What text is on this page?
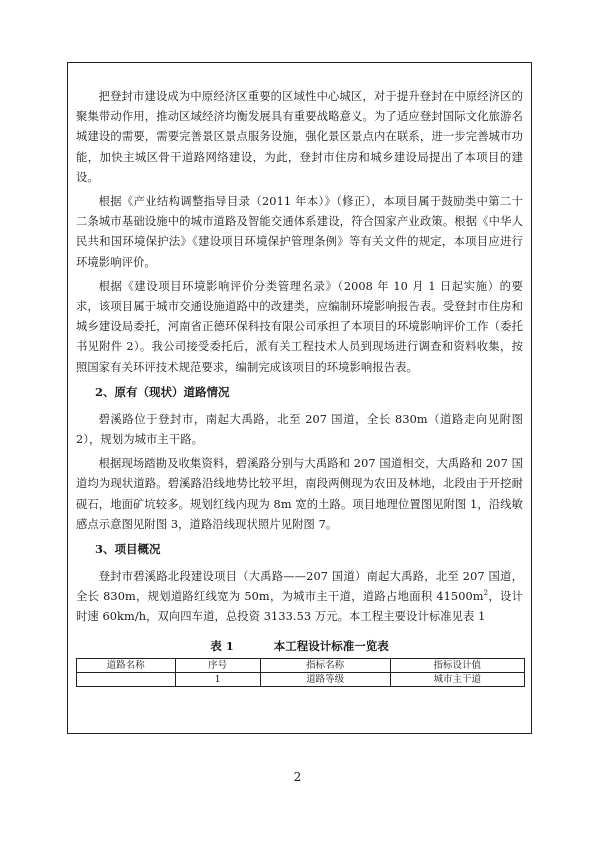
把登封市建设成为中原经济区重要的区域性中心城区，对于提升登封在中原经济区的聚集带动作用，推动区域经济均衡发展具有重要战略意义。为了适应登封国际文化旅游名城建设的需要，需要完善景区景点服务设施，强化景区景点内在联系，进一步完善城市功能，加快主城区骨干道路网络建设，为此，登封市住房和城乡建设局提出了本项目的建设。

根据《产业结构调整指导目录（2011 年本）》（修正），本项目属于鼓励类中第二十二条城市基础设施中的城市道路及智能交通体系建设，符合国家产业政策。根据《中华人民共和国环境保护法》《建设项目环境保护管理条例》等有关文件的规定，本项目应进行环境影响评价。

根据《建设项目环境影响评价分类管理名录》（2008 年 10 月 1 日起实施）的要求，该项目属于城市交通设施道路中的改建类，应编制环境影响报告表。受登封市住房和城乡建设局委托，河南省正德环保科技有限公司承担了本项目的环境影响评价工作（委托书见附件 2）。我公司接受委托后，派有关工程技术人员到现场进行调查和资料收集，按照国家有关环评技术规范要求，编制完成该项目的环境影响报告表。

2、原有（现状）道路情况

碧溪路位于登封市，南起大禹路，北至 207 国道，全长 830m（道路走向见附图 2），规划为城市主干路。

根据现场踏勘及收集资料，碧溪路分别与大禹路和 207 国道相交，大禹路和 207 国道均为现状道路。碧溪路沿线地势比较平坦，南段两侧现为农田及林地，北段由于开挖耐砚石，地面矿坑较多。规划红线内现为 8m 宽的土路。项目地理位置图见附图 1，沿线敏感点示意图见附图 3，道路沿线现状照片见附图 7。

3、项目概况

登封市碧溪路北段建设项目（大禹路——207 国道）南起大禹路，北至 207 国道，全长 830m，规划道路红线宽为 50m，为城市主干道，道路占地面积 $41500m^2$，设计时速 60km/h，双向四车道，总投资 3133.53 万元。本工程主要设计标准见表 1

表 1	本工程设计标准一览表
道路名称	序号	指标名称	指标设计值
	1	道路等级	城市主干道
2
